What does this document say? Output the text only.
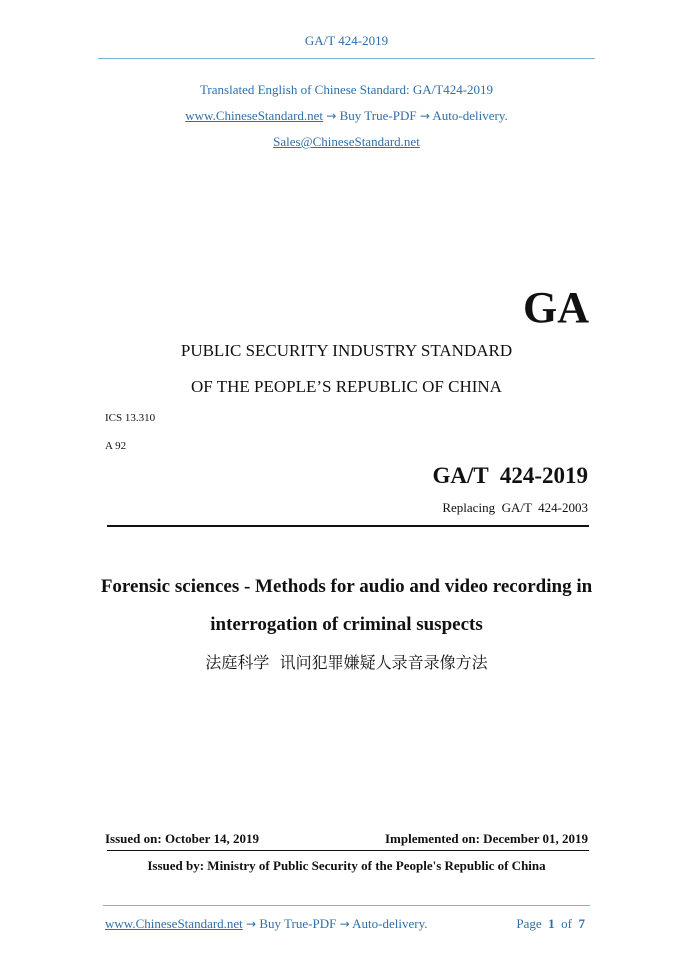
GA/T 424-2019
Translated English of Chinese Standard: GA/T424-2019
www.ChineseStandard.net → Buy True-PDF → Auto-delivery.
Sales@ChineseStandard.net
GA
PUBLIC SECURITY INDUSTRY STANDARD
OF THE PEOPLE’S REPUBLIC OF CHINA
ICS 13.310
A 92
GA/T  424-2019
Replacing  GA/T  424-2003
Forensic sciences - Methods for audio and video recording in
interrogation of criminal suspects
法庭科学  讯问犯罪嫌疑人录音录像方法
Issued on: October 14, 2019	Implemented on: December 01, 2019
Issued by: Ministry of Public Security of the People's Republic of China
www.ChineseStandard.net → Buy True-PDF → Auto-delivery.	Page 1 of 7
